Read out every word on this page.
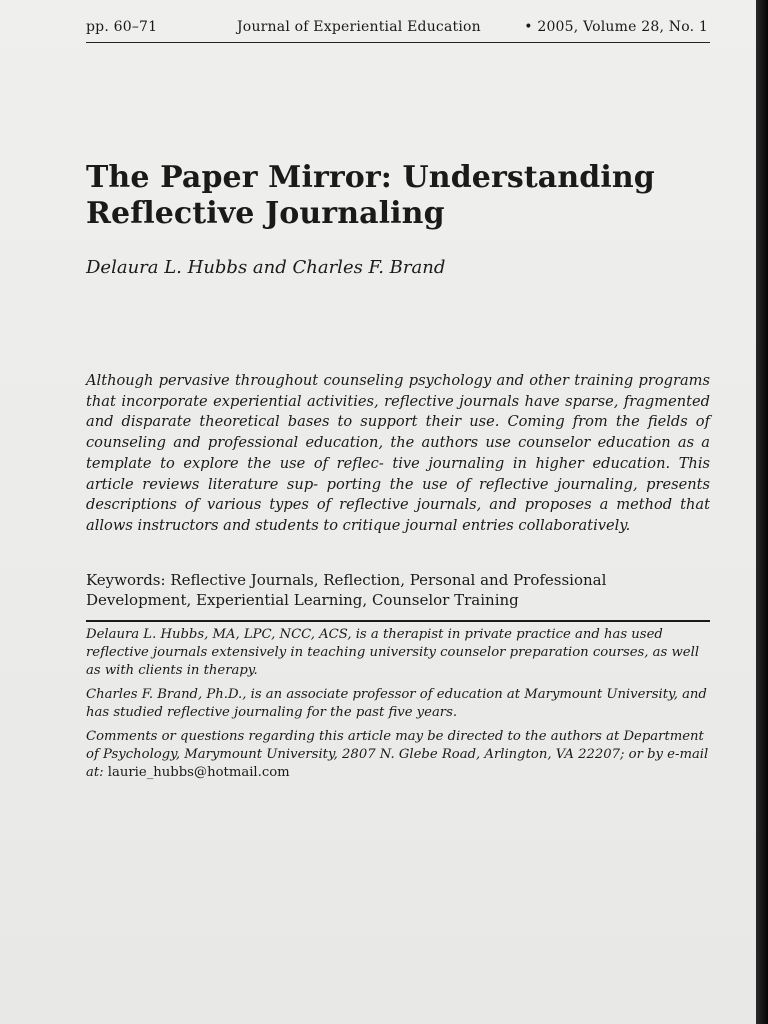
pp. 60–71	Journal of Experiential Education	• 2005, Volume 28, No. 1
The Paper Mirror: Understanding
Reflective Journaling
Delaura L. Hubbs and Charles F. Brand
Although pervasive throughout counseling psychology and other training programs that incorporate experiential activities, reflective journals have sparse, fragmented and disparate theoretical bases to support their use. Coming from the fields of counseling and professional education, the authors use counselor education as a template to explore the use of reflec- tive journaling in higher education. This article reviews literature sup- porting the use of reflective journaling, presents descriptions of various types of reflective journals, and proposes a method that allows instructors and students to critique journal entries collaboratively.
Keywords: Reflective Journals, Reflection, Personal and Professional Development, Experiential Learning, Counselor Training

Delaura L. Hubbs, MA, LPC, NCC, ACS, is a therapist in private practice and has used reflective journals extensively in teaching university counselor preparation courses, as well as with clients in therapy.

Charles F. Brand, Ph.D., is an associate professor of education at Marymount University, and has studied reflective journaling for the past five years.

Comments or questions regarding this article may be directed to the authors at Department of Psychology, Marymount University, 2807 N. Glebe Road, Arlington, VA 22207; or by e-mail at: laurie_hubbs@hotmail.com
